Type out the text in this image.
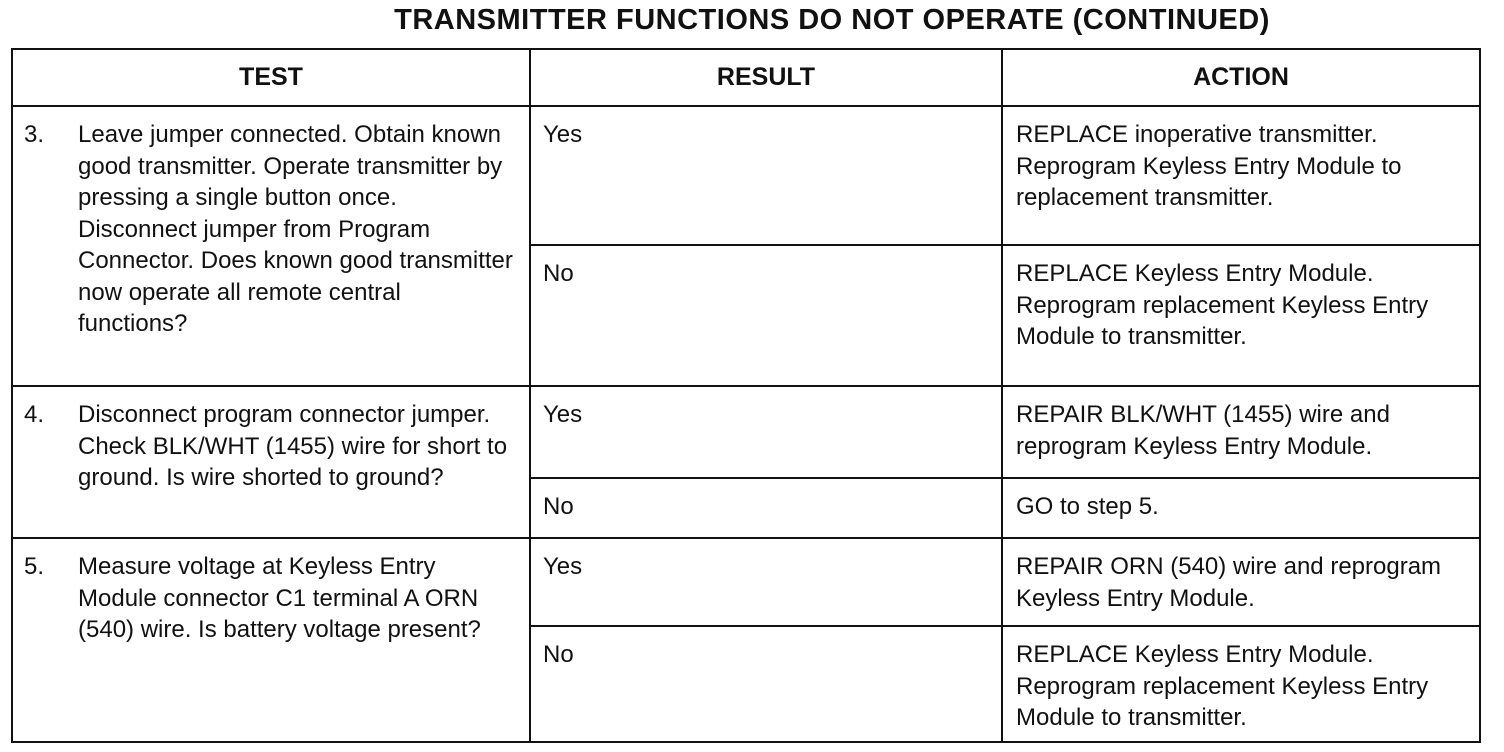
TRANSMITTER FUNCTIONS DO NOT OPERATE (CONTINUED)
TEST	RESULT	ACTION

3. Leave jumper connected. Obtain known good transmitter. Operate transmitter by pressing a single button once. Disconnect jumper from Program Connector. Does known good transmitter now operate all remote central functions?	Yes	REPLACE inoperative transmitter. Reprogram Keyless Entry Module to replacement transmitter.
	No	REPLACE Keyless Entry Module. Reprogram replacement Keyless Entry Module to transmitter.

4. Disconnect program connector jumper. Check BLK/WHT (1455) wire for short to ground. Is wire shorted to ground?	Yes	REPAIR BLK/WHT (1455) wire and reprogram Keyless Entry Module.
	No	GO to step 5.

5. Measure voltage at Keyless Entry Module connector C1 terminal A ORN (540) wire. Is battery voltage present?	Yes	REPAIR ORN (540) wire and reprogram Keyless Entry Module.
	No	REPLACE Keyless Entry Module. Reprogram replacement Keyless Entry Module to transmitter.
